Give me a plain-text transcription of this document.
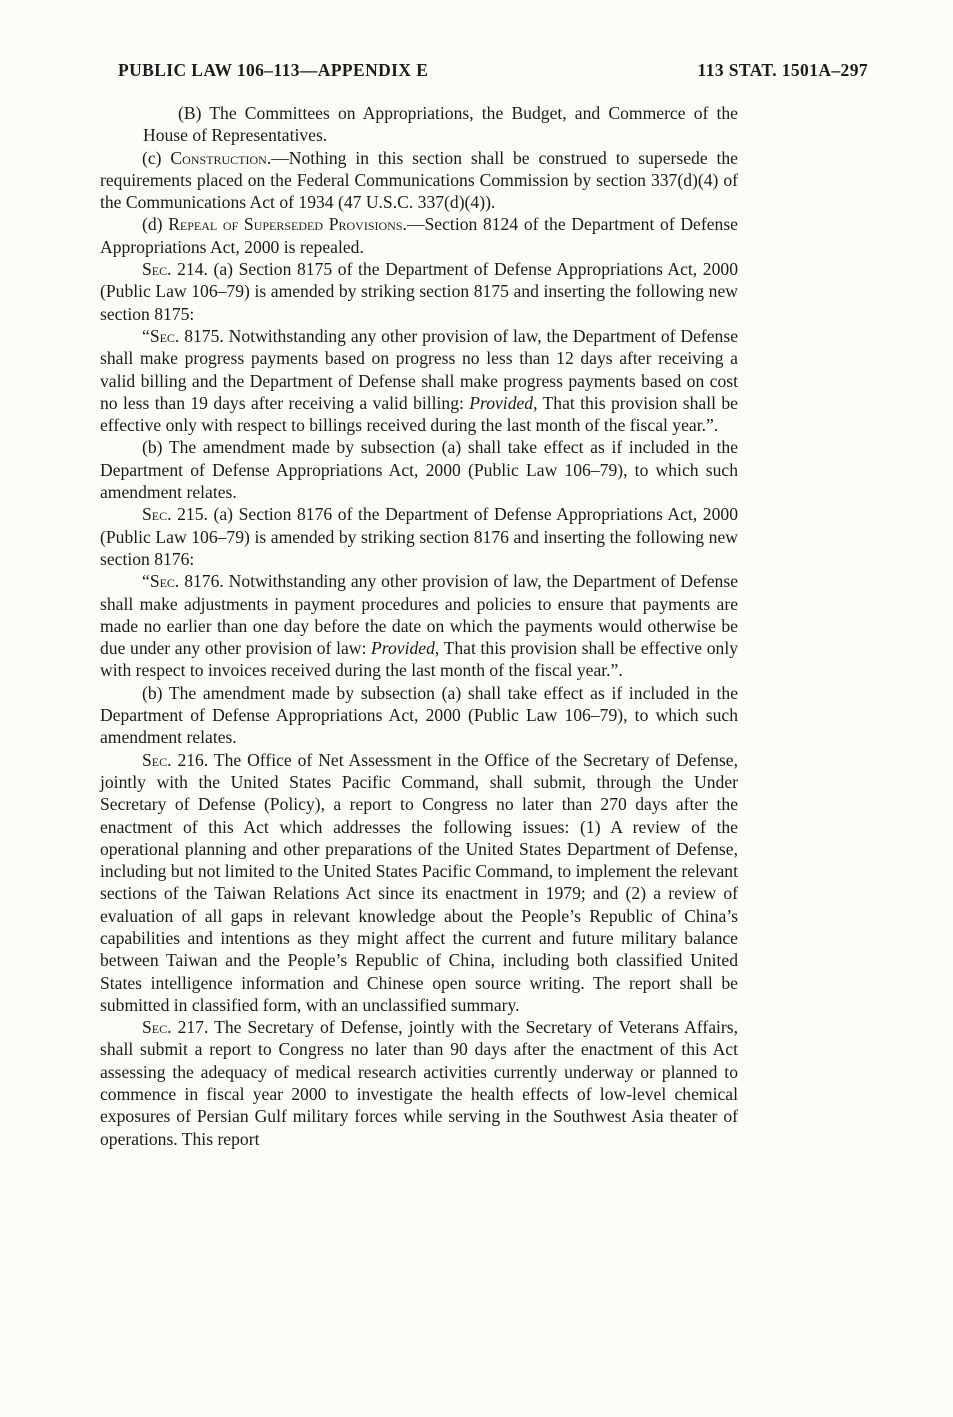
PUBLIC LAW 106–113—APPENDIX E	113 STAT. 1501A–297

(B) The Committees on Appropriations, the Budget, and Commerce of the House of Representatives.

(c) Construction.—Nothing in this section shall be construed to supersede the requirements placed on the Federal Communications Commission by section 337(d)(4) of the Communications Act of 1934 (47 U.S.C. 337(d)(4)).

(d) Repeal of Superseded Provisions.—Section 8124 of the Department of Defense Appropriations Act, 2000 is repealed.

Sec. 214. (a) Section 8175 of the Department of Defense Appropriations Act, 2000 (Public Law 106–79) is amended by striking section 8175 and inserting the following new section 8175:

“Sec. 8175. Notwithstanding any other provision of law, the Department of Defense shall make progress payments based on progress no less than 12 days after receiving a valid billing and the Department of Defense shall make progress payments based on cost no less than 19 days after receiving a valid billing: Provided, That this provision shall be effective only with respect to billings received during the last month of the fiscal year.”.

(b) The amendment made by subsection (a) shall take effect as if included in the Department of Defense Appropriations Act, 2000 (Public Law 106–79), to which such amendment relates.

Sec. 215. (a) Section 8176 of the Department of Defense Appropriations Act, 2000 (Public Law 106–79) is amended by striking section 8176 and inserting the following new section 8176:

“Sec. 8176. Notwithstanding any other provision of law, the Department of Defense shall make adjustments in payment procedures and policies to ensure that payments are made no earlier than one day before the date on which the payments would otherwise be due under any other provision of law: Provided, That this provision shall be effective only with respect to invoices received during the last month of the fiscal year.”.

(b) The amendment made by subsection (a) shall take effect as if included in the Department of Defense Appropriations Act, 2000 (Public Law 106–79), to which such amendment relates.

Sec. 216. The Office of Net Assessment in the Office of the Secretary of Defense, jointly with the United States Pacific Command, shall submit, through the Under Secretary of Defense (Policy), a report to Congress no later than 270 days after the enactment of this Act which addresses the following issues: (1) A review of the operational planning and other preparations of the United States Department of Defense, including but not limited to the United States Pacific Command, to implement the relevant sections of the Taiwan Relations Act since its enactment in 1979; and (2) a review of evaluation of all gaps in relevant knowledge about the People’s Republic of China’s capabilities and intentions as they might affect the current and future military balance between Taiwan and the People’s Republic of China, including both classified United States intelligence information and Chinese open source writing. The report shall be submitted in classified form, with an unclassified summary.

Sec. 217. The Secretary of Defense, jointly with the Secretary of Veterans Affairs, shall submit a report to Congress no later than 90 days after the enactment of this Act assessing the adequacy of medical research activities currently underway or planned to commence in fiscal year 2000 to investigate the health effects of low-level chemical exposures of Persian Gulf military forces while serving in the Southwest Asia theater of operations. This report
